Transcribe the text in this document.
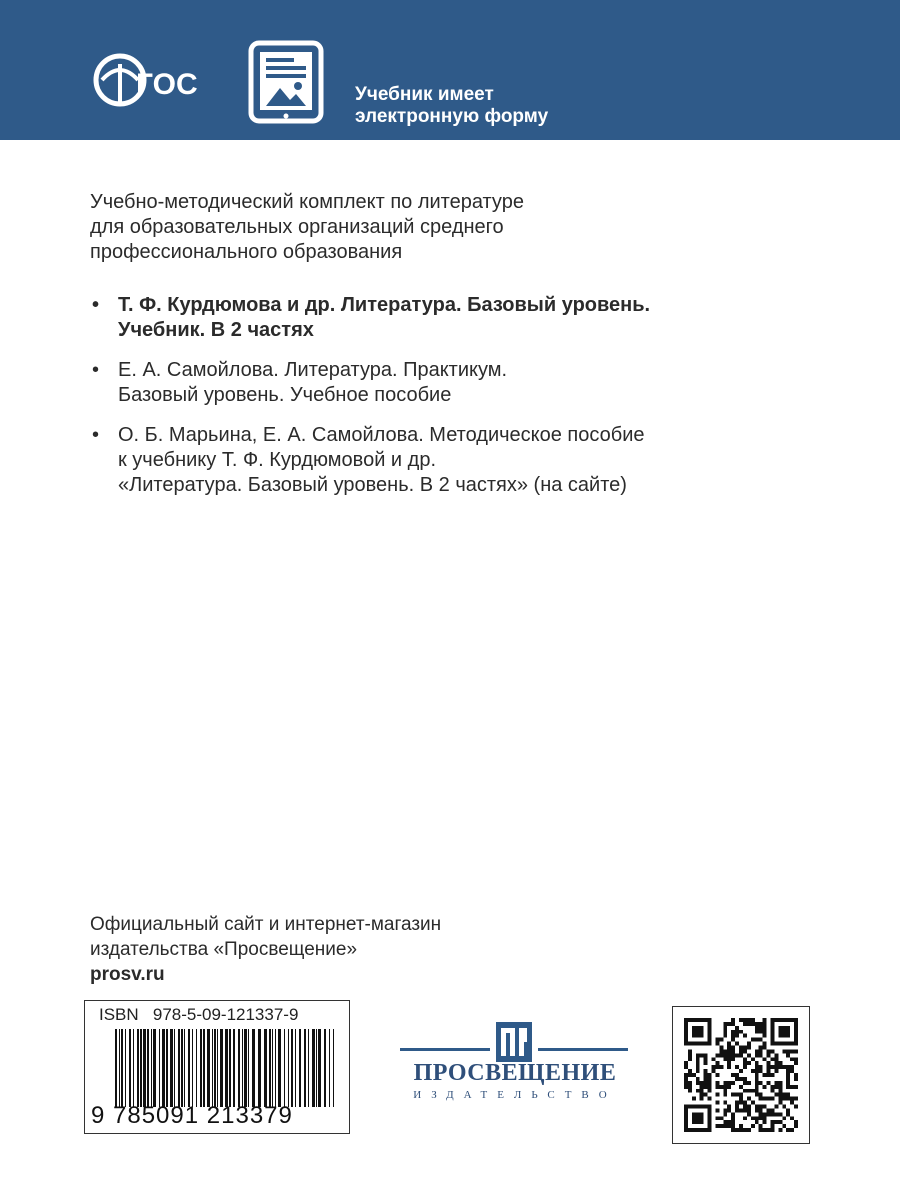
ГОС	Учебник имеет
электронную форму
Учебно-методический комплект по литературе
для образовательных организаций среднего
профессионального образования
• Т. Ф. Курдюмова и др. Литература. Базовый уровень.
Учебник. В 2 частях
• Е. А. Самойлова. Литература. Практикум.
Базовый уровень. Учебное пособие
• О. Б. Марьина, Е. А. Самойлова. Методическое пособие
к учебнику Т. Ф. Курдюмовой и др.
«Литература. Базовый уровень. В 2 частях» (на сайте)
Официальный сайт и интернет-магазин
издательства «Просвещение»
prosv.ru
ISBN 978-5-09-121337-9
9 785091 213379
ПРОСВЕЩЕНИЕ
ИЗДАТЕЛЬСТВО
